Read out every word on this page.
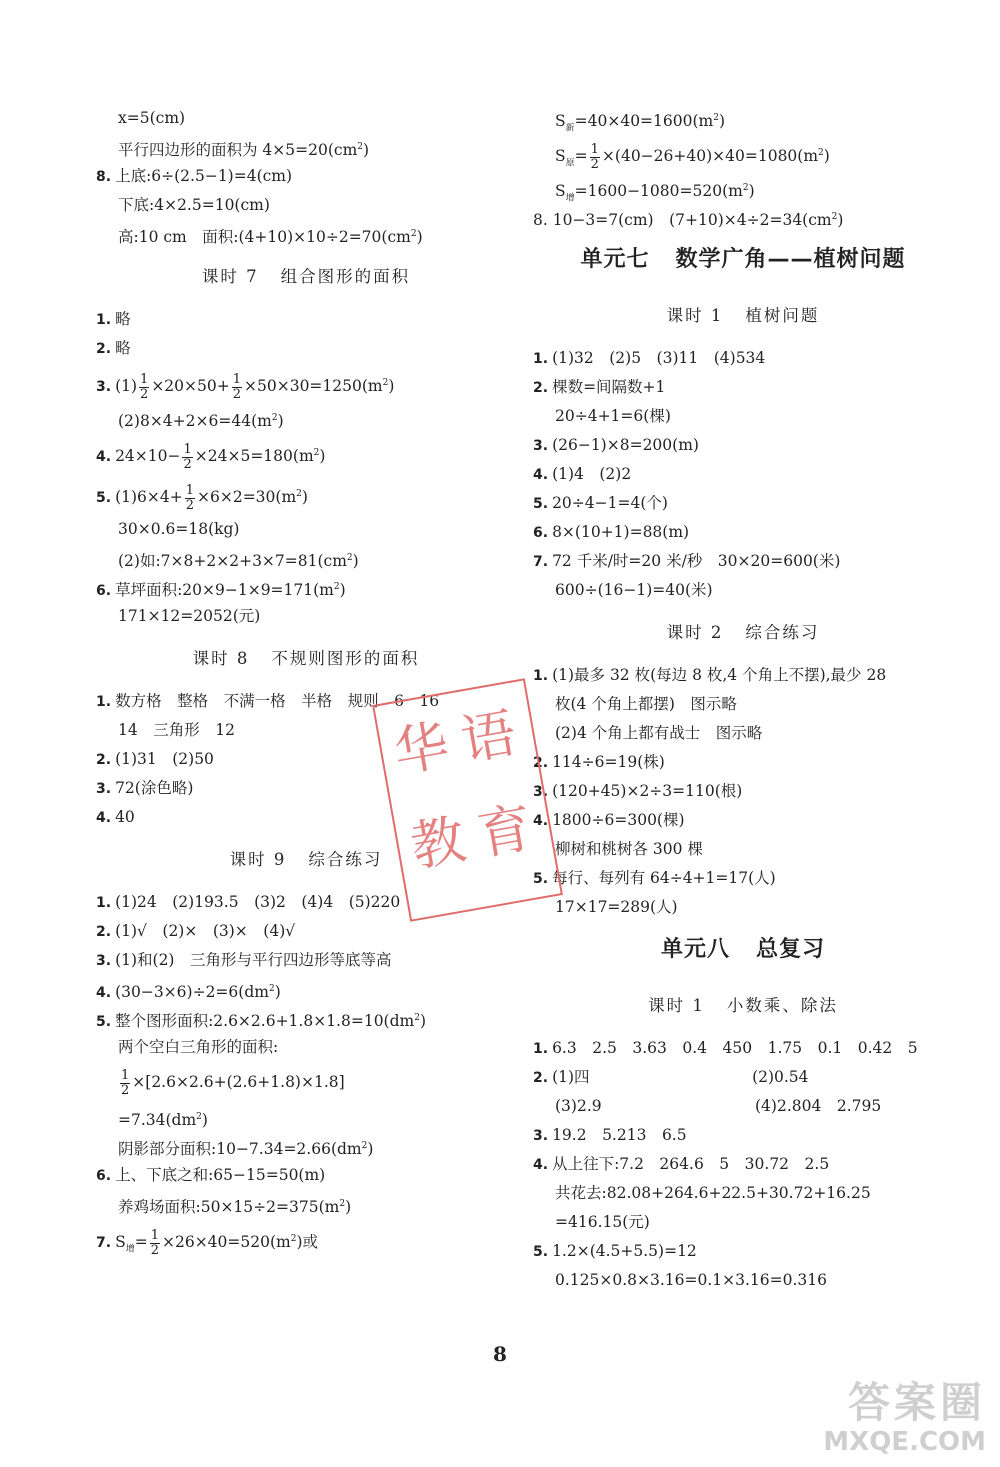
x=5(cm)
平行四边形的面积为 $4\times 5=20(cm^2)$
8. 上底:6÷(2.5−1)=4(cm)
下底:4×2.5=10(cm)
高:10 cm　面积$:(4+10)\times 10\div 2=70(cm^2)$
课时 7 组合图形的面积
1. 略
2. 略
3. $(1) \frac{1}{2} \times 20\times 50+ \frac{1}{2} \times 50\times 30=1250(m^2)$
$(2)8\times 4+2\times 6=44(m^2)$
4. $24\times 10- \frac{1}{2} \times 24\times 5=180(m^2)$
5. $(1)6\times 4+ \frac{1}{2} \times 6\times 2=30(m^2)$
30×0.6=18(kg)
(2)如$:7\times 8+2\times 2+3\times 7=81(cm^2)$
6. 草坪面积$:20\times 9-1\times 9=171(m^2)$
171×12=2052(元)
课时 8 不规则图形的面积
1. 数方格　整格　不满一格　半格　规则　6　16
14　三角形　12
2. (1)31　(2)50
3. 72(涂色略)
4. 40
课时 9 综合练习
1. (1)24　(2)193.5　(3)2　(4)4　(5)220
2. (1)√　(2)×　(3)×　(4)√
3. (1)和(2)　三角形与平行四边形等底等高
4. $(30-3\times 6)\div 2=6(dm^2)$
5. 整个图形面积$:2.6\times 2.6+1.8\times 1.8=10(dm^2)$
两个空白三角形的面积:
$\frac{1}{2} \times[2.6\times 2.6+(2.6+1.8)\times 1.8]$
$=7.34(dm^2)$
阴影部分面积$:10-7.34=2.66(dm^2)$
6. 上、下底之和:65−15=50(m)
养鸡场面积$:50\times 15\div 2=375(m^2)$
7. $S_增= \frac{1}{2} \times 26\times 40=520(m^2)$或
$S_新=40\times 40=1600(m^2)$
$S_原= \frac{1}{2} \times(40-26+40)\times 40=1080(m^2)$
$S_增=1600-1080=520(m^2)$
8. 10−3=7(cm)　$(7+10)\times 4\div 2=34(cm^2)$
单元七 数学广角——植树问题
课时 1 植树问题
1. (1)32　(2)5　(3)11　(4)534
2. 棵数=间隔数+1
20÷4+1=6(棵)
3. (26−1)×8=200(m)
4. (1)4　(2)2
5. 20÷4−1=4(个)
6. 8×(10+1)=88(m)
7. 72 千米/时=20 米/秒　30×20=600(米)
600÷(16−1)=40(米)
课时 2 综合练习
1. (1)最多 32 枚(每边 8 枚,4 个角上不摆),最少 28
枚(4 个角上都摆)　图示略
(2)4 个角上都有战士　图示略
2. 114÷6=19(株)
3. (120+45)×2÷3=110(根)
4. 1800÷6=300(棵)
柳树和桃树各 300 棵
5. 每行、每列有 64÷4+1=17(人)
17×17=289(人)
单元八 总复习
课时 1 小数乘、除法
1. 6.3　2.5　3.63　0.4　450　1.75　0.1　0.42　5
2. (1)四	(2)0.54
(3)2.9	(4)2.804　2.795
3. 19.2　5.213　6.5
4. 从上往下:7.2　264.6　5　30.72　2.5
共花去:82.08+264.6+22.5+30.72+16.25
=416.15(元)
5. 1.2×(4.5+5.5)=12
0.125×0.8×3.16=0.1×3.16=0.316
华 语
教 育
8
答案圈
MXQE.COM
